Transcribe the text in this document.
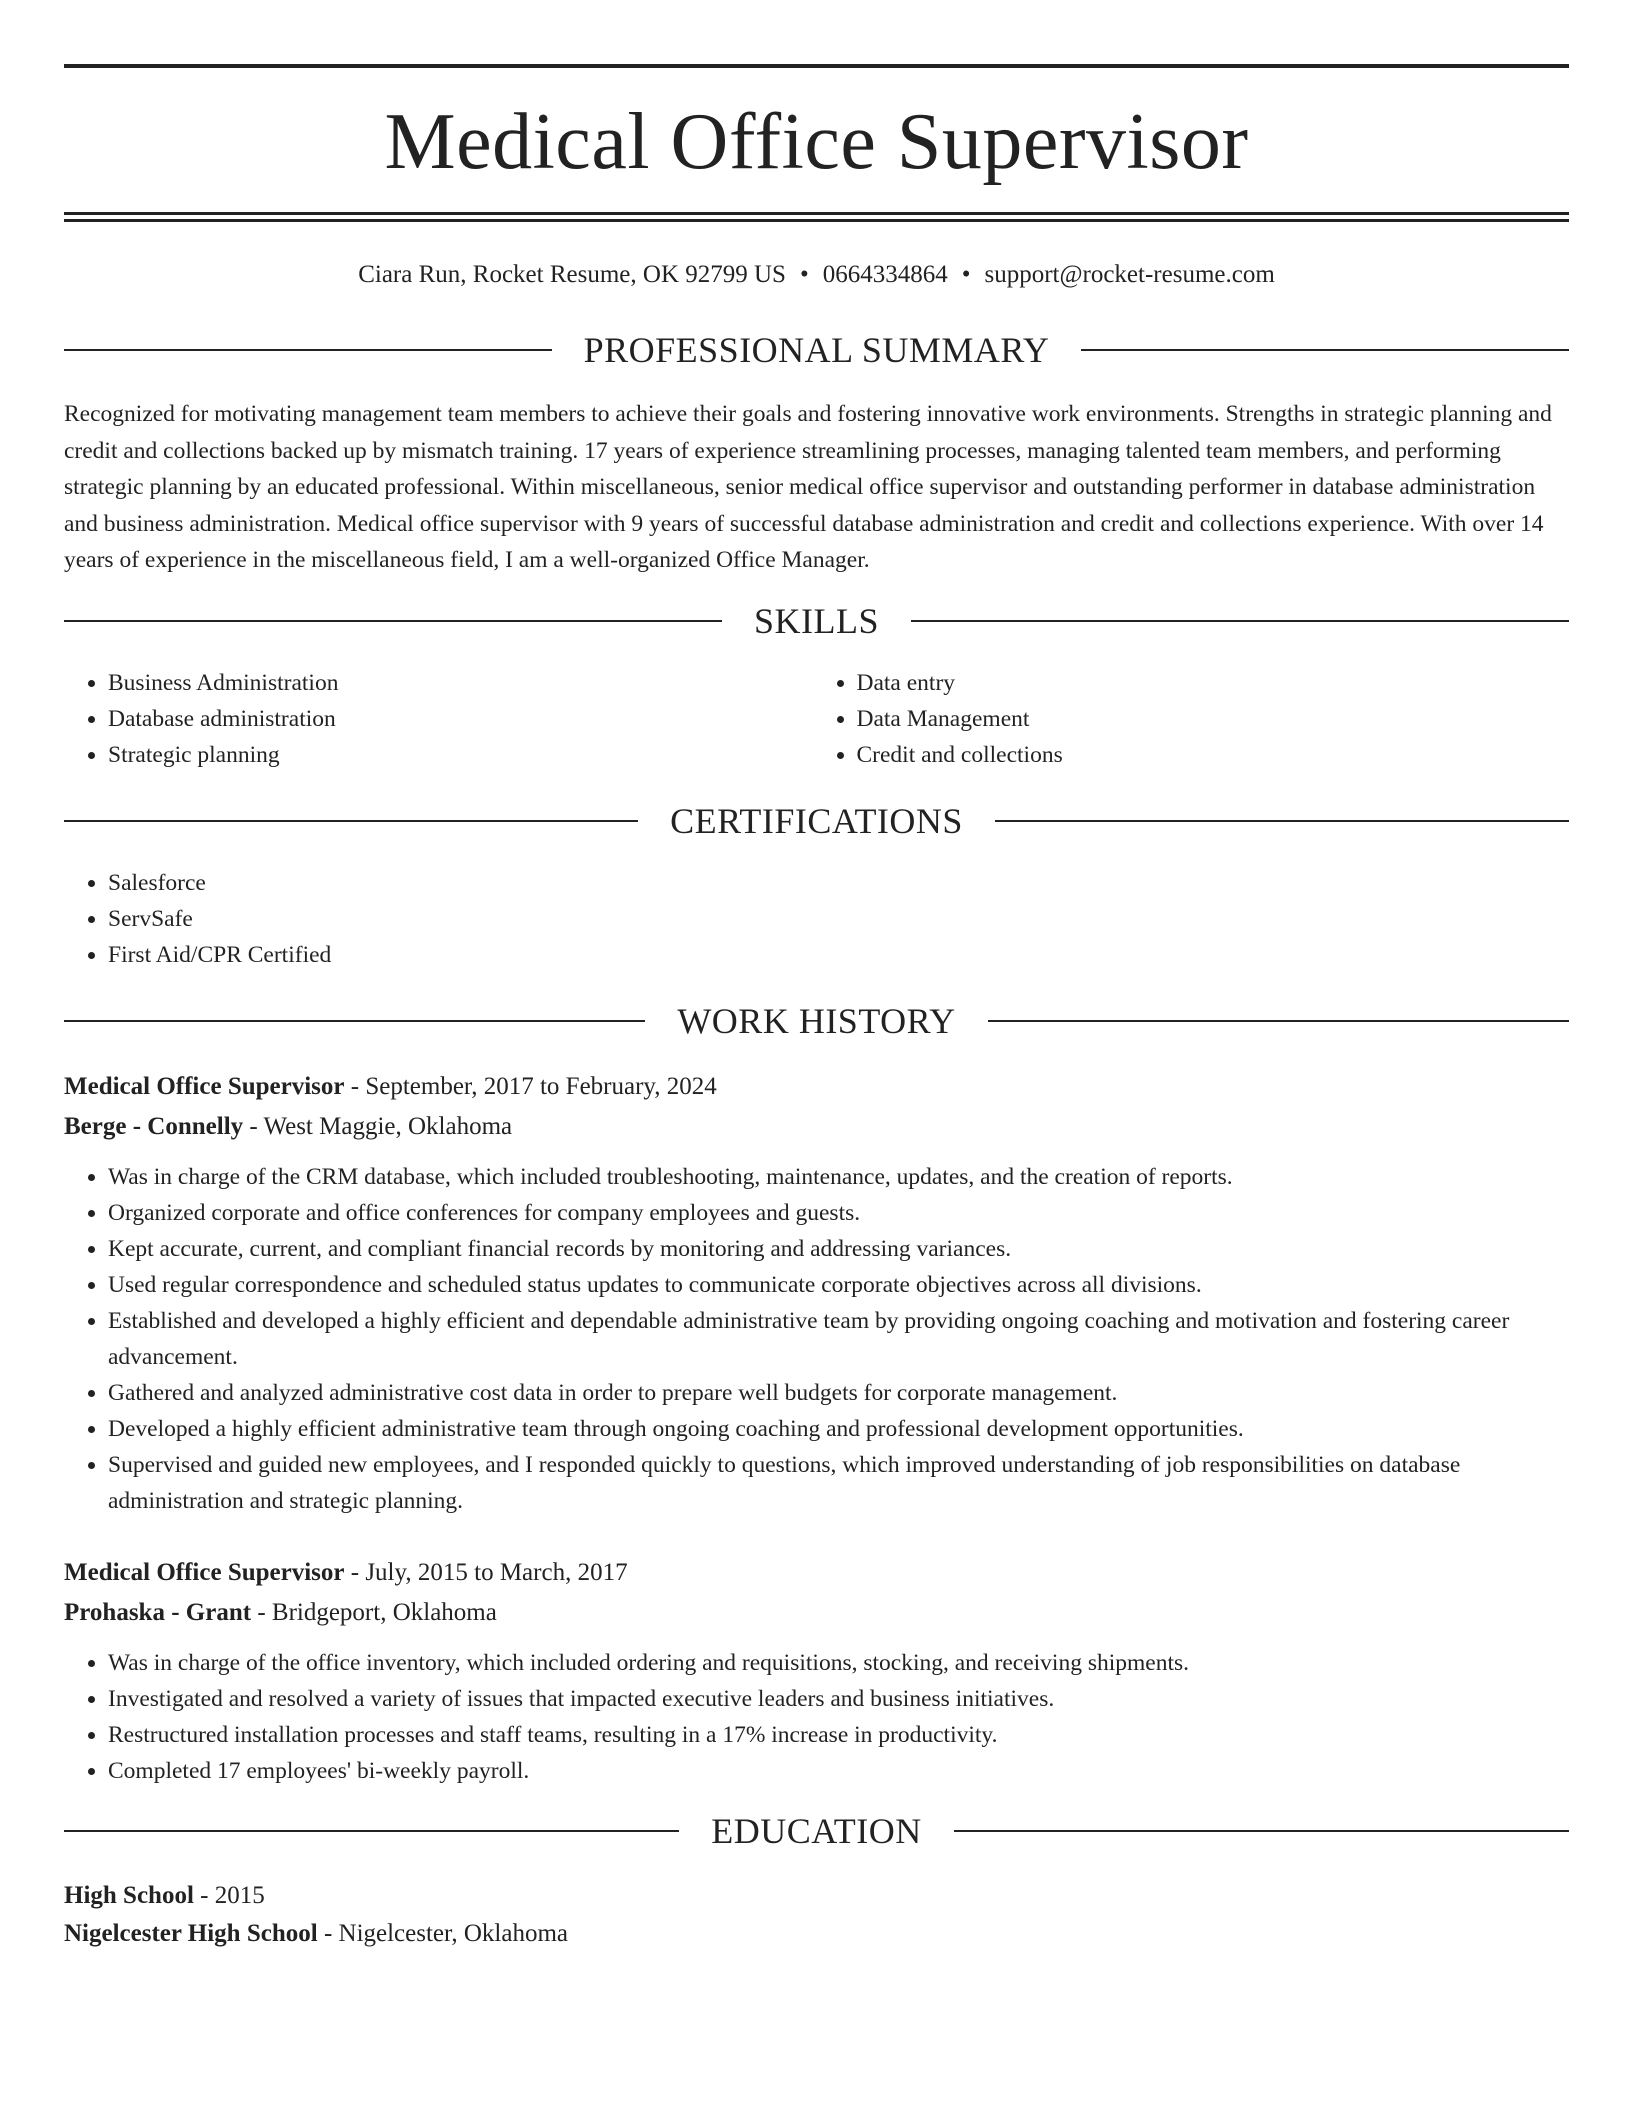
Medical Office Supervisor
Ciara Run, Rocket Resume, OK 92799 US • 0664334864 • support@rocket-resume.com
PROFESSIONAL SUMMARY

Recognized for motivating management team members to achieve their goals and fostering innovative work environments. Strengths in strategic planning and credit and collections backed up by mismatch training. 17 years of experience streamlining processes, managing talented team members, and performing strategic planning by an educated professional. Within miscellaneous, senior medical office supervisor and outstanding performer in database administration and business administration. Medical office supervisor with 9 years of successful database administration and credit and collections experience. With over 14 years of experience in the miscellaneous field, I am a well-organized Office Manager.

SKILLS
• Business Administration
• Database administration
• Strategic planning
• Data entry
• Data Management
• Credit and collections
CERTIFICATIONS
• Salesforce
• ServSafe
• First Aid/CPR Certified
WORK HISTORY
Medical Office Supervisor - September, 2017 to February, 2024
Berge - Connelly - West Maggie, Oklahoma
• Was in charge of the CRM database, which included troubleshooting, maintenance, updates, and the creation of reports.
• Organized corporate and office conferences for company employees and guests.
• Kept accurate, current, and compliant financial records by monitoring and addressing variances.
• Used regular correspondence and scheduled status updates to communicate corporate objectives across all divisions.
• Established and developed a highly efficient and dependable administrative team by providing ongoing coaching and motivation and fostering career advancement.
• Gathered and analyzed administrative cost data in order to prepare well budgets for corporate management.
• Developed a highly efficient administrative team through ongoing coaching and professional development opportunities.
• Supervised and guided new employees, and I responded quickly to questions, which improved understanding of job responsibilities on database administration and strategic planning.
Medical Office Supervisor - July, 2015 to March, 2017
Prohaska - Grant - Bridgeport, Oklahoma
• Was in charge of the office inventory, which included ordering and requisitions, stocking, and receiving shipments.
• Investigated and resolved a variety of issues that impacted executive leaders and business initiatives.
• Restructured installation processes and staff teams, resulting in a 17% increase in productivity.
• Completed 17 employees' bi-weekly payroll.
EDUCATION
High School - 2015
Nigelcester High School - Nigelcester, Oklahoma
